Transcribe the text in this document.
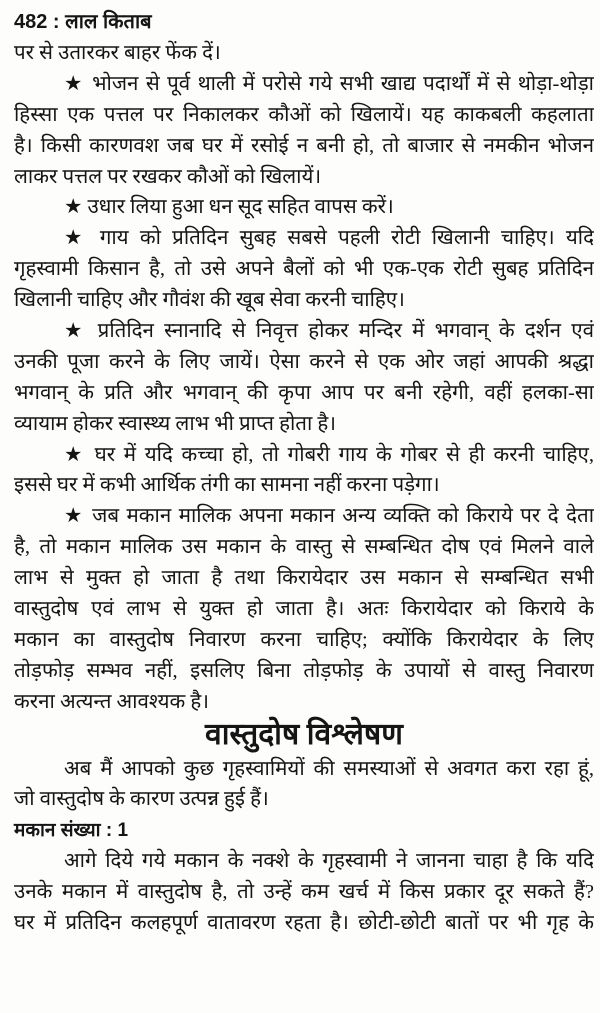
482 : लाल किताब
पर से उतारकर बाहर फेंक दें।
★ भोजन से पूर्व थाली में परोसे गये सभी खाद्य पदार्थों में से थोड़ा-थोड़ा
हिस्सा एक पत्तल पर निकालकर कौओं को खिलायें। यह काकबली कहलाता
है। किसी कारणवश जब घर में रसोई न बनी हो, तो बाजार से नमकीन भोजन
लाकर पत्तल पर रखकर कौओं को खिलायें।
★ उधार लिया हुआ धन सूद सहित वापस करें।
★ गाय को प्रतिदिन सुबह सबसे पहली रोटी खिलानी चाहिए। यदि
गृहस्वामी किसान है, तो उसे अपने बैलों को भी एक-एक रोटी सुबह प्रतिदिन
खिलानी चाहिए और गौवंश की खूब सेवा करनी चाहिए।
★ प्रतिदिन स्नानादि से निवृत्त होकर मन्दिर में भगवान् के दर्शन एवं
उनकी पूजा करने के लिए जायें। ऐसा करने से एक ओर जहां आपकी श्रद्धा
भगवान् के प्रति और भगवान् की कृपा आप पर बनी रहेगी, वहीं हलका-सा
व्यायाम होकर स्वास्थ्य लाभ भी प्राप्त होता है।
★ घर में यदि कच्चा हो, तो गोबरी गाय के गोबर से ही करनी चाहिए,
इससे घर में कभी आर्थिक तंगी का सामना नहीं करना पड़ेगा।
★ जब मकान मालिक अपना मकान अन्य व्यक्ति को किराये पर दे देता
है, तो मकान मालिक उस मकान के वास्तु से सम्बन्धित दोष एवं मिलने वाले
लाभ से मुक्त हो जाता है तथा किरायेदार उस मकान से सम्बन्धित सभी
वास्तुदोष एवं लाभ से युक्त हो जाता है। अतः किरायेदार को किराये के
मकान का वास्तुदोष निवारण करना चाहिए; क्योंकि किरायेदार के लिए
तोड़फोड़ सम्भव नहीं, इसलिए बिना तोड़फोड़ के उपायों से वास्तु निवारण
करना अत्यन्त आवश्यक है।
वास्तुदोष विश्लेषण
अब मैं आपको कुछ गृहस्वामियों की समस्याओं से अवगत करा रहा हूं,
जो वास्तुदोष के कारण उत्पन्न हुई हैं।
मकान संख्या : 1
आगे दिये गये मकान के नक्शे के गृहस्वामी ने जानना चाहा है कि यदि
उनके मकान में वास्तुदोष है, तो उन्हें कम खर्च में किस प्रकार दूर सकते हैं?
घर में प्रतिदिन कलहपूर्ण वातावरण रहता है। छोटी-छोटी बातों पर भी गृह के
